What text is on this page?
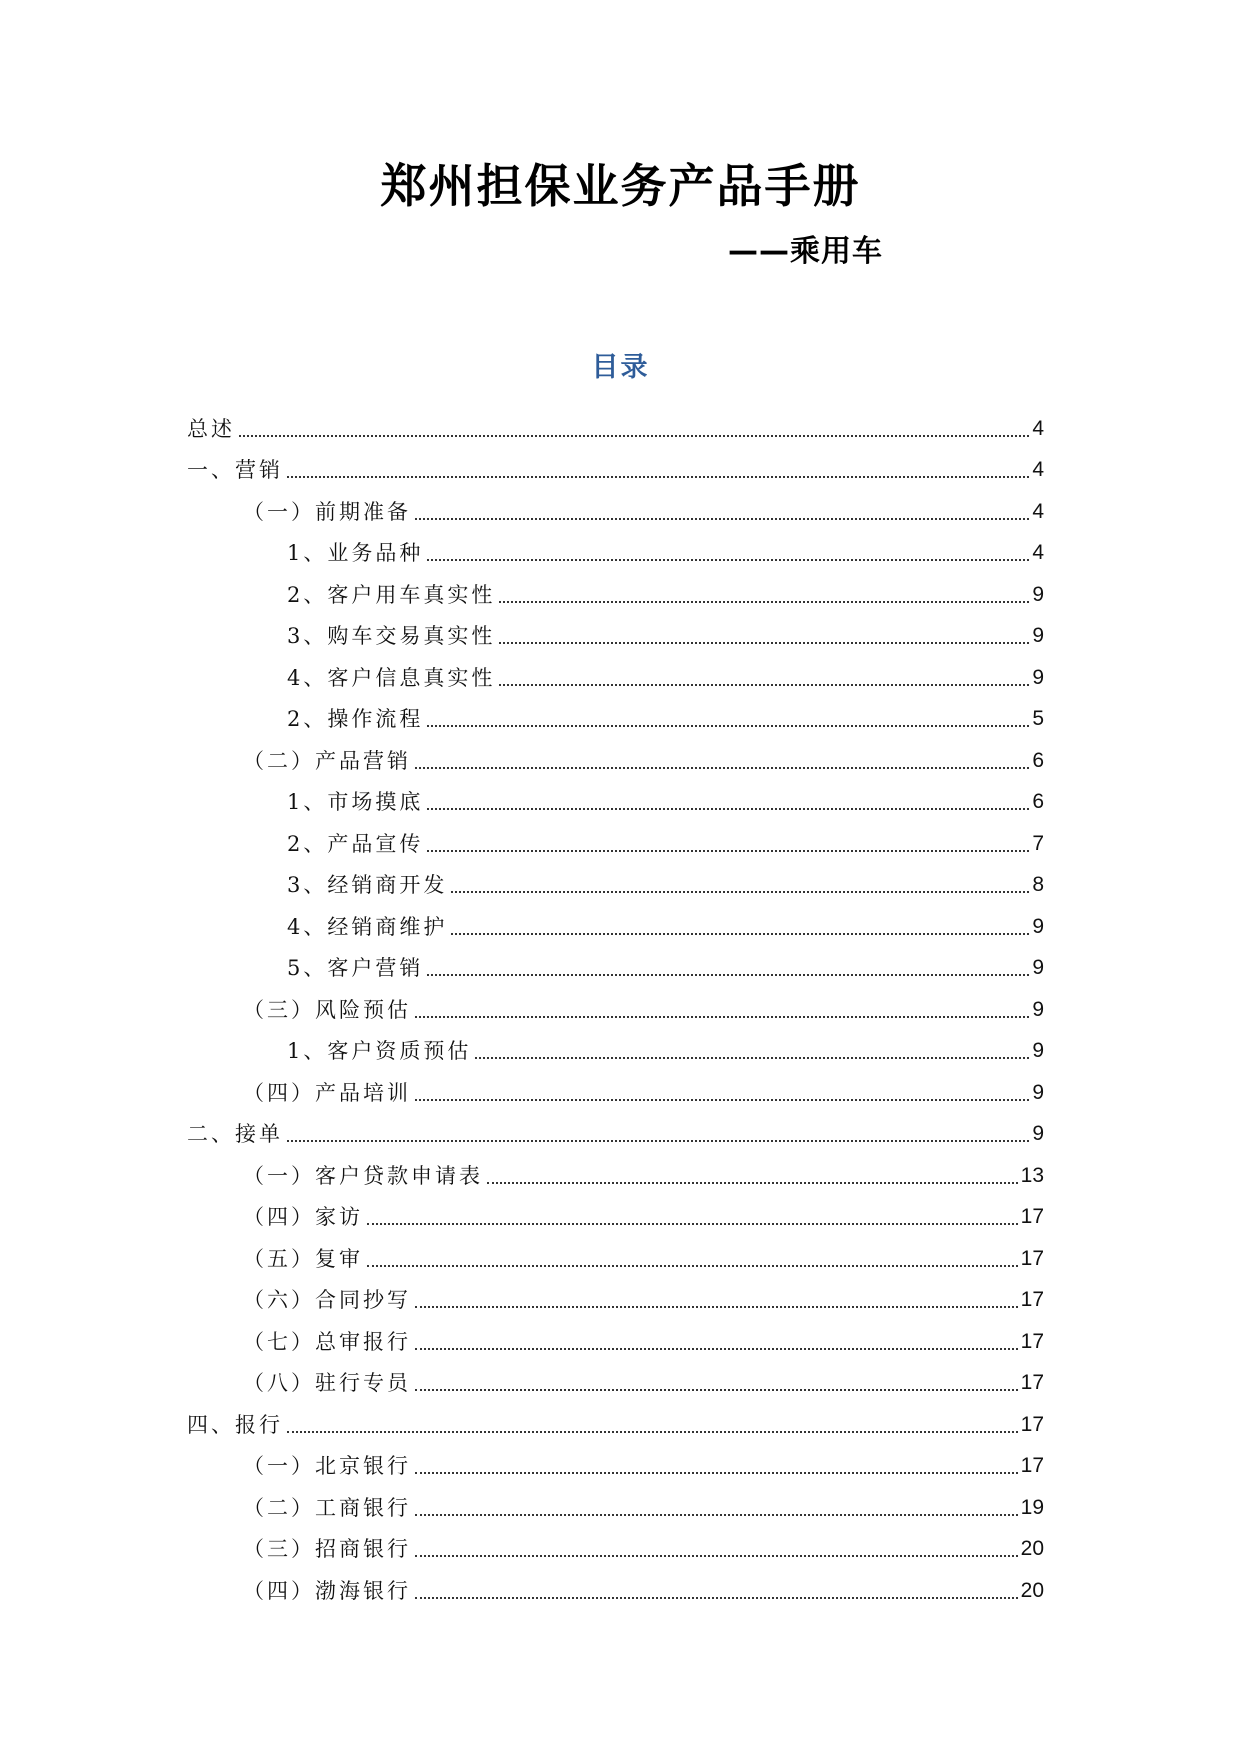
郑州担保业务产品手册
——乘用车
目录
总述	4
一、营销	4
（一）前期准备	4
1、业务品种	4
2、客户用车真实性	9
3、购车交易真实性	9
4、客户信息真实性	9
2、操作流程	5
（二）产品营销	6
1、市场摸底	6
2、产品宣传	7
3、经销商开发	8
4、经销商维护	9
5、客户营销	9
（三）风险预估	9
1、客户资质预估	9
（四）产品培训	9
二、接单	9
（一）客户贷款申请表	13
（四）家访	17
（五）复审	17
（六）合同抄写	17
（七）总审报行	17
（八）驻行专员	17
四、报行	17
（一）北京银行	17
（二）工商银行	19
（三）招商银行	20
（四）渤海银行	20
